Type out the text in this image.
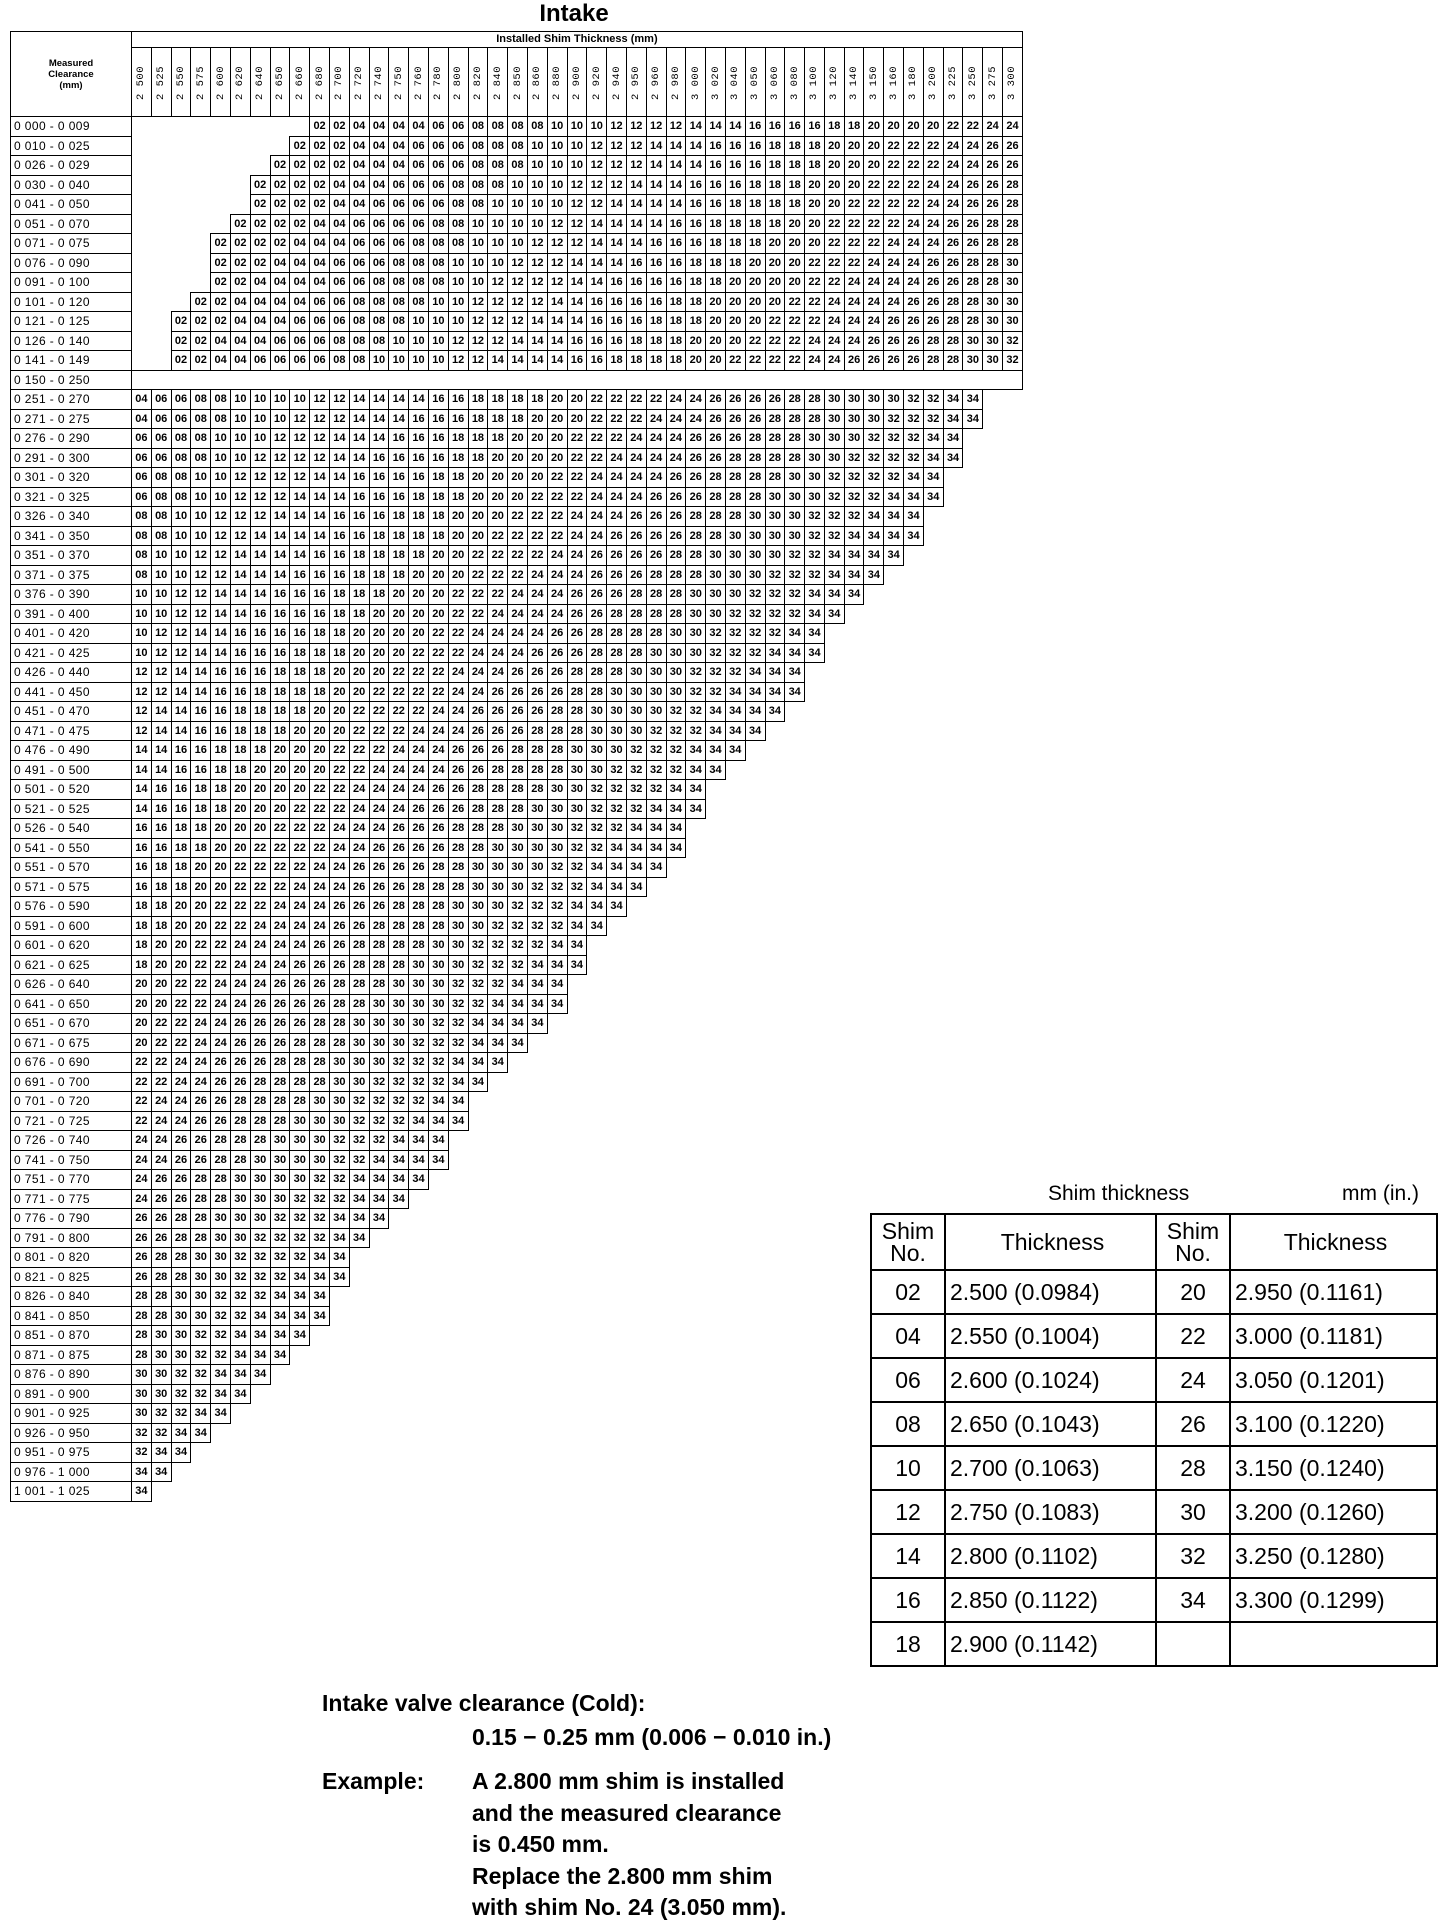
Intake
Measured
Clearance
(mm)	Installed Shim Thickness (mm)																																												

	2 500	2 525	2 550	2 575	2 600	2 620	2 640	2 650	2 660	2 680	2 700	2 720	2 740	2 750	2 760	2 780	2 800	2 820	2 840	2 850	2 860	2 880	2 900	2 920	2 940	2 950	2 960	2 980	3 000	3 020	3 040	3 050	3 060	3 080	3 100	3 120	3 140	3 150	3 160	3 180	3 200	3 225	3 250	3 275	3 300

0 000 - 0 009										02	02	04	04	04	04	06	06	08	08	08	08	10	10	10	12	12	12	12	14	14	14	16	16	16	16	18	18	20	20	20	20	22	22	24	24
0 010 - 0 025									02	02	02	04	04	04	06	06	06	08	08	08	10	10	10	12	12	12	14	14	14	16	16	16	18	18	18	20	20	20	22	22	22	24	24	26	26
0 026 - 0 029								02	02	02	02	04	04	04	06	06	06	08	08	08	10	10	10	12	12	12	14	14	14	16	16	16	18	18	18	20	20	20	22	22	22	24	24	26	26
0 030 - 0 040							02	02	02	02	04	04	04	06	06	06	08	08	08	10	10	10	12	12	12	14	14	14	16	16	16	18	18	18	20	20	20	22	22	22	24	24	26	26	28
0 041 - 0 050							02	02	02	02	04	04	06	06	06	06	08	08	10	10	10	10	12	12	14	14	14	14	16	16	18	18	18	18	20	20	22	22	22	22	24	24	26	26	28
0 051 - 0 070						02	02	02	02	04	04	06	06	06	06	08	08	10	10	10	10	12	12	14	14	14	14	16	16	18	18	18	18	20	20	22	22	22	22	24	24	26	26	28	28
0 071 - 0 075					02	02	02	02	04	04	04	06	06	06	08	08	08	10	10	10	12	12	12	14	14	14	16	16	16	18	18	18	20	20	20	22	22	22	24	24	24	26	26	28	28
0 076 - 0 090					02	02	02	04	04	04	06	06	06	08	08	08	10	10	10	12	12	12	14	14	14	16	16	16	18	18	18	20	20	20	22	22	22	24	24	24	26	26	28	28	30
0 091 - 0 100					02	02	04	04	04	04	06	06	08	08	08	08	10	10	12	12	12	12	14	14	16	16	16	16	18	18	20	20	20	20	22	22	24	24	24	24	26	26	28	28	30
0 101 - 0 120				02	02	04	04	04	04	06	06	08	08	08	08	10	10	12	12	12	12	14	14	16	16	16	16	18	18	20	20	20	20	22	22	24	24	24	24	26	26	28	28	30	30
0 121 - 0 125			02	02	02	04	04	04	06	06	06	08	08	08	10	10	10	12	12	12	14	14	14	16	16	16	18	18	18	20	20	20	22	22	22	24	24	24	26	26	26	28	28	30	30
0 126 - 0 140			02	02	04	04	04	06	06	06	08	08	08	10	10	10	12	12	12	14	14	14	16	16	16	18	18	18	20	20	20	22	22	22	24	24	24	26	26	26	28	28	30	30	32
0 141 - 0 149			02	02	04	04	06	06	06	06	08	08	10	10	10	10	12	12	14	14	14	14	16	16	18	18	18	18	20	20	22	22	22	22	24	24	26	26	26	26	28	28	30	30	32
0 150 - 0 250																																													
0 251 - 0 270	04	06	06	08	08	10	10	10	10	12	12	14	14	14	14	16	16	18	18	18	18	20	20	22	22	22	22	24	24	26	26	26	26	28	28	30	30	30	30	32	32	34	34		
0 271 - 0 275	04	06	06	08	08	10	10	10	12	12	12	14	14	14	16	16	16	18	18	18	20	20	20	22	22	22	24	24	24	26	26	26	28	28	28	30	30	30	32	32	32	34	34		
0 276 - 0 290	06	06	08	08	10	10	10	12	12	12	14	14	14	16	16	16	18	18	18	20	20	20	22	22	22	24	24	24	26	26	26	28	28	28	30	30	30	32	32	32	34	34			
0 291 - 0 300	06	06	08	08	10	10	12	12	12	12	14	14	16	16	16	16	18	18	20	20	20	20	22	22	24	24	24	24	26	26	28	28	28	28	30	30	32	32	32	32	34	34			
0 301 - 0 320	06	08	08	10	10	12	12	12	12	14	14	16	16	16	16	18	18	20	20	20	20	22	22	24	24	24	24	26	26	28	28	28	28	30	30	32	32	32	32	34	34				
0 321 - 0 325	06	08	08	10	10	12	12	12	14	14	14	16	16	16	18	18	18	20	20	20	22	22	22	24	24	24	26	26	26	28	28	28	30	30	30	32	32	32	34	34	34				
0 326 - 0 340	08	08	10	10	12	12	12	14	14	14	16	16	16	18	18	18	20	20	20	22	22	22	24	24	24	26	26	26	28	28	28	30	30	30	32	32	32	34	34	34					
0 341 - 0 350	08	08	10	10	12	12	14	14	14	14	16	16	18	18	18	18	20	20	22	22	22	22	24	24	26	26	26	26	28	28	30	30	30	30	32	32	34	34	34	34					
0 351 - 0 370	08	10	10	12	12	14	14	14	14	16	16	18	18	18	18	20	20	22	22	22	22	24	24	26	26	26	26	28	28	30	30	30	30	32	32	34	34	34	34						
0 371 - 0 375	08	10	10	12	12	14	14	14	16	16	16	18	18	18	20	20	20	22	22	22	24	24	24	26	26	26	28	28	28	30	30	30	32	32	32	34	34	34							
0 376 - 0 390	10	10	12	12	14	14	14	16	16	16	18	18	18	20	20	20	22	22	22	24	24	24	26	26	26	28	28	28	30	30	30	32	32	32	34	34	34								
0 391 - 0 400	10	10	12	12	14	14	16	16	16	16	18	18	20	20	20	20	22	22	24	24	24	24	26	26	28	28	28	28	30	30	32	32	32	32	34	34									
0 401 - 0 420	10	12	12	14	14	16	16	16	16	18	18	20	20	20	20	22	22	24	24	24	24	26	26	28	28	28	28	30	30	32	32	32	32	34	34										
0 421 - 0 425	10	12	12	14	14	16	16	16	18	18	18	20	20	20	22	22	22	24	24	24	26	26	26	28	28	28	30	30	30	32	32	32	34	34	34										
0 426 - 0 440	12	12	14	14	16	16	16	18	18	18	20	20	20	22	22	22	24	24	24	26	26	26	28	28	28	30	30	30	32	32	32	34	34	34											
0 441 - 0 450	12	12	14	14	16	16	18	18	18	18	20	20	22	22	22	22	24	24	26	26	26	26	28	28	30	30	30	30	32	32	34	34	34	34											
0 451 - 0 470	12	14	14	16	16	18	18	18	18	20	20	22	22	22	22	24	24	26	26	26	26	28	28	30	30	30	30	32	32	34	34	34	34												
0 471 - 0 475	12	14	14	16	16	18	18	18	20	20	20	22	22	22	24	24	24	26	26	26	28	28	28	30	30	30	32	32	32	34	34	34													
0 476 - 0 490	14	14	16	16	18	18	18	20	20	20	22	22	22	24	24	24	26	26	26	28	28	28	30	30	30	32	32	32	34	34	34														
0 491 - 0 500	14	14	16	16	18	18	20	20	20	20	22	22	24	24	24	24	26	26	28	28	28	28	30	30	32	32	32	32	34	34															
0 501 - 0 520	14	16	16	18	18	20	20	20	20	22	22	24	24	24	24	26	26	28	28	28	28	30	30	32	32	32	32	34	34																
0 521 - 0 525	14	16	16	18	18	20	20	20	22	22	22	24	24	24	26	26	26	28	28	28	30	30	30	32	32	32	34	34	34																
0 526 - 0 540	16	16	18	18	20	20	20	22	22	22	24	24	24	26	26	26	28	28	28	30	30	30	32	32	32	34	34	34																	
0 541 - 0 550	16	16	18	18	20	20	22	22	22	22	24	24	26	26	26	26	28	28	30	30	30	30	32	32	34	34	34	34																	
0 551 - 0 570	16	18	18	20	20	22	22	22	22	24	24	26	26	26	26	28	28	30	30	30	30	32	32	34	34	34	34																		
0 571 - 0 575	16	18	18	20	20	22	22	22	24	24	24	26	26	26	28	28	28	30	30	30	32	32	32	34	34	34																			
0 576 - 0 590	18	18	20	20	22	22	22	24	24	24	26	26	26	28	28	28	30	30	30	32	32	32	34	34	34																				
0 591 - 0 600	18	18	20	20	22	22	24	24	24	24	26	26	28	28	28	28	30	30	32	32	32	32	34	34																					
0 601 - 0 620	18	20	20	22	22	24	24	24	24	26	26	28	28	28	28	30	30	32	32	32	32	34	34																						
0 621 - 0 625	18	20	20	22	22	24	24	24	26	26	26	28	28	28	30	30	30	32	32	32	34	34	34																						
0 626 - 0 640	20	20	22	22	24	24	24	26	26	26	28	28	28	30	30	30	32	32	32	34	34	34																							
0 641 - 0 650	20	20	22	22	24	24	26	26	26	26	28	28	30	30	30	30	32	32	34	34	34	34																							
0 651 - 0 670	20	22	22	24	24	26	26	26	26	28	28	30	30	30	30	32	32	34	34	34	34																								
0 671 - 0 675	20	22	22	24	24	26	26	26	28	28	28	30	30	30	32	32	32	34	34	34																									
0 676 - 0 690	22	22	24	24	26	26	26	28	28	28	30	30	30	32	32	32	34	34	34																										
0 691 - 0 700	22	22	24	24	26	26	28	28	28	28	30	30	32	32	32	32	34	34																											
0 701 - 0 720	22	24	24	26	26	28	28	28	28	30	30	32	32	32	32	34	34																												
0 721 - 0 725	22	24	24	26	26	28	28	28	30	30	30	32	32	32	34	34	34																												
0 726 - 0 740	24	24	26	26	28	28	28	30	30	30	32	32	32	34	34	34																													
0 741 - 0 750	24	24	26	26	28	28	30	30	30	30	32	32	34	34	34	34																													
0 751 - 0 770	24	26	26	28	28	30	30	30	30	32	32	34	34	34	34																														
0 771 - 0 775	24	26	26	28	28	30	30	30	32	32	32	34	34	34																															
0 776 - 0 790	26	26	28	28	30	30	30	32	32	32	34	34	34																																
0 791 - 0 800	26	26	28	28	30	30	32	32	32	32	34	34																																	
0 801 - 0 820	26	28	28	30	30	32	32	32	32	34	34																																		
0 821 - 0 825	26	28	28	30	30	32	32	32	34	34	34																																		
0 826 - 0 840	28	28	30	30	32	32	32	34	34	34																																			
0 841 - 0 850	28	28	30	30	32	32	34	34	34	34																																			
0 851 - 0 870	28	30	30	32	32	34	34	34	34																																				
0 871 - 0 875	28	30	30	32	32	34	34	34																																					
0 876 - 0 890	30	30	32	32	34	34	34																																						
0 891 - 0 900	30	30	32	32	34	34																																							
0 901 - 0 925	30	32	32	34	34																																								
0 926 - 0 950	32	32	34	34																																									
0 951 - 0 975	32	34	34																																										
0 976 - 1 000	34	34																																											
1 001 - 1 025	34																																												
Shim thickness	mm (in.)
Shim No.	Thickness	Shim No.	Thickness
02	2.500 (0.0984)	20	2.950 (0.1161)
04	2.550 (0.1004)	22	3.000 (0.1181)
06	2.600 (0.1024)	24	3.050 (0.1201)
08	2.650 (0.1043)	26	3.100 (0.1220)
10	2.700 (0.1063)	28	3.150 (0.1240)
12	2.750 (0.1083)	30	3.200 (0.1260)
14	2.800 (0.1102)	32	3.250 (0.1280)
16	2.850 (0.1122)	34	3.300 (0.1299)
18	2.900 (0.1142)		
Intake valve clearance (Cold):
0.15 − 0.25 mm (0.006 − 0.010 in.)
Example: A 2.800 mm shim is installed
and the measured clearance
is 0.450 mm.
Replace the 2.800 mm shim
with shim No. 24 (3.050 mm).
